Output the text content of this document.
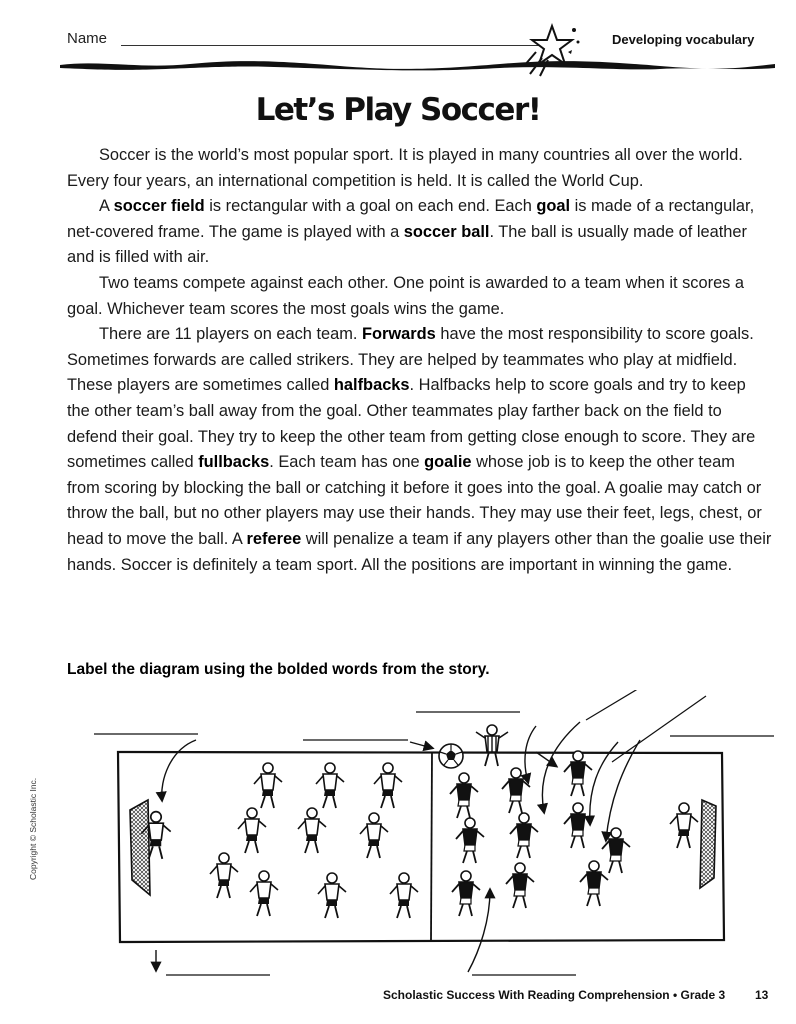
Name	Developing vocabulary
Let’s Play Soccer!

Soccer is the world’s most popular sport. It is played in many countries all over the world. Every four years, an international competition is held. It is called the World Cup.

A soccer field is rectangular with a goal on each end. Each goal is made of a rectangular, net-covered frame. The game is played with a soccer ball. The ball is usually made of leather and is filled with air.

Two teams compete against each other. One point is awarded to a team when it scores a goal. Whichever team scores the most goals wins the game.

There are 11 players on each team. Forwards have the most responsibility to score goals. Sometimes forwards are called strikers. They are helped by teammates who play at midfield. These players are sometimes called halfbacks. Halfbacks help to score goals and try to keep the other team’s ball away from the goal. Other teammates play farther back on the field to defend their goal. They try to keep the other team from getting close enough to score. They are sometimes called fullbacks. Each team has one goalie whose job is to keep the other team from scoring by blocking the ball or catching it before it goes into the goal. A goalie may catch or throw the ball, but no other players may use their hands. They may use their feet, legs, chest, or head to move the ball. A referee will penalize a team if any players other than the goalie use their hands. Soccer is definitely a team sport. All the positions are important in winning the game.

Label the diagram using the bolded words from the story.
Copyright © Scholastic Inc.
Scholastic Success With Reading Comprehension • Grade 3 13
